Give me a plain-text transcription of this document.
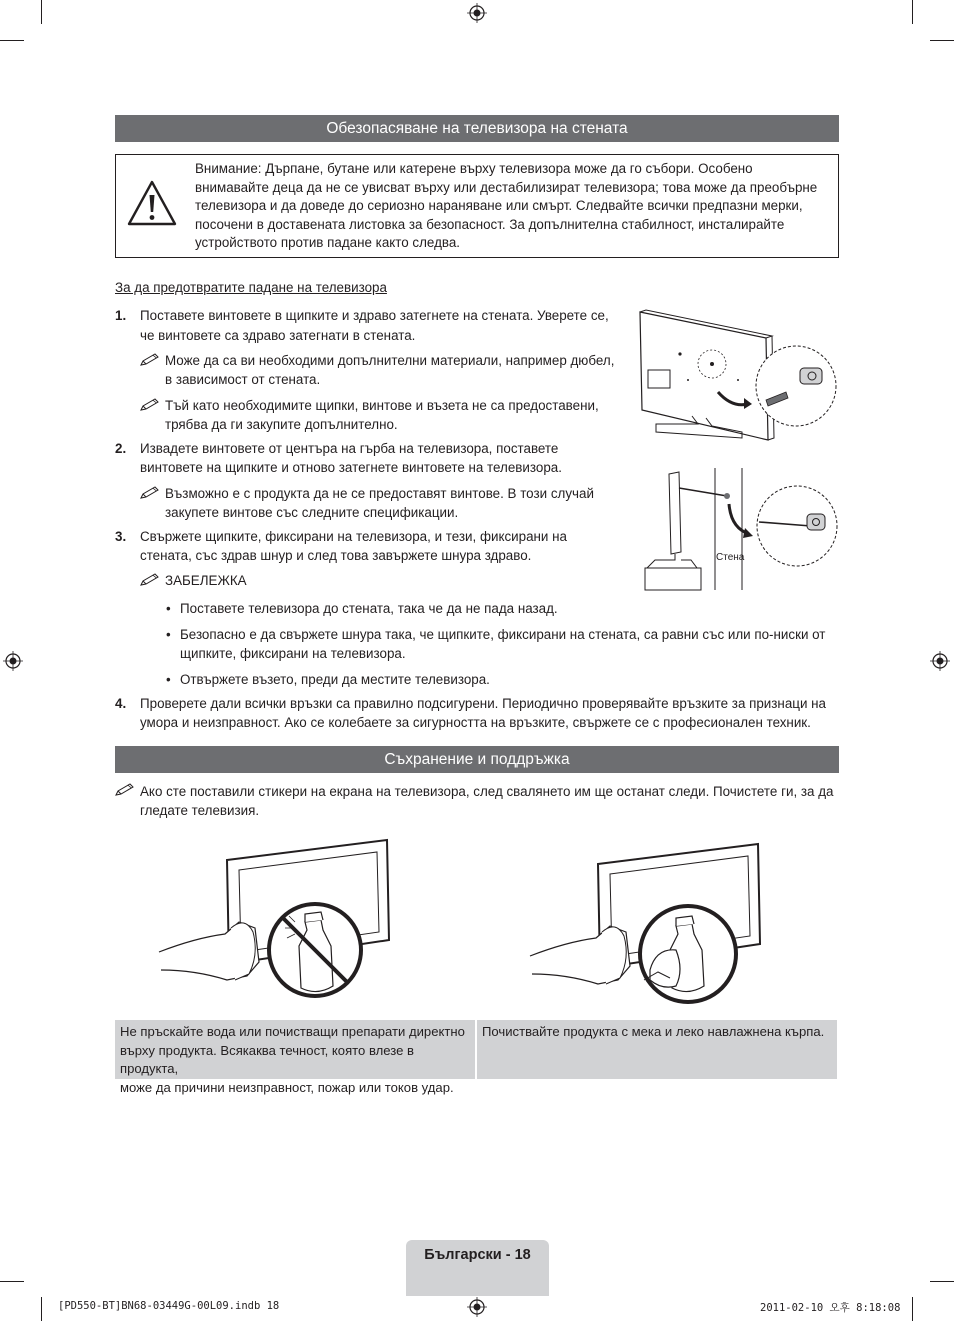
Обезопасяване на телевизора на стената
Внимание: Дърпане, бутане или катерене върху телевизора може да го събори. Особено внимавайте деца да не се увисват върху или дестабилизират телевизора; това може да преобърне телевизора и да доведе до сериозно нараняване или смърт. Следвайте всички предпазни мерки, посочени в доставената листовка за безопасност. За допълнителна стабилност, инсталирайте устройството против падане както следва.
За да предотвратите падане на телевизора
1. Поставете винтовете в щипките и здраво затегнете на стената. Уверете се,
че винтовете са здраво затегнати в стената.
Може да са ви необходими допълнителни материали, например дюбел,
в зависимост от стената.
Тъй като необходимите щипки, винтове и възета не са предоставени,
трябва да ги закупите допълнително.
2. Извадете винтовете от центъра на гърба на телевизора, поставете
винтовете на щипките и отново затегнете винтовете на телевизора.
Възможно е с продукта да не се предоставят винтове. В този случай
закупете винтове със следните спецификации.
3. Свържете щипките, фиксирани на телевизора, и тези, фиксирани на
стената, със здрав шнур и след това завържете шнура здраво.
ЗАБЕЛЕЖКА
• Поставете телевизора до стената, така че да не пада назад.
• Безопасно е да свържете шнура така, че щипките, фиксирани на стената, са равни със или по-ниски от
щипките, фиксирани на телевизора.
• Отвържете възето, преди да местите телевизора.
4. Проверете дали всички връзки са правилно подсигурени. Периодично проверявайте връзките за признаци на
умора и неизправност. Ако се колебаете за сигурността на връзките, свържете се с професионален техник.
Стена
Съхранение и поддръжка
Ако сте поставили стикери на екрана на телевизора, след свалянето им ще останат следи. Почистете ги, за да
гледате телевизия.
Не пръскайте вода или почистващи препарати директно
върху продукта. Всякаква течност, която влезе в продукта,
може да причини неизправност, пожар или токов удар.
Почиствайте продукта с мека и леко навлажнена кърпа.
Български - 18
[PD550-BT]BN68-03449G-00L09.indb 18	2011-02-10 오후 8:18:08
